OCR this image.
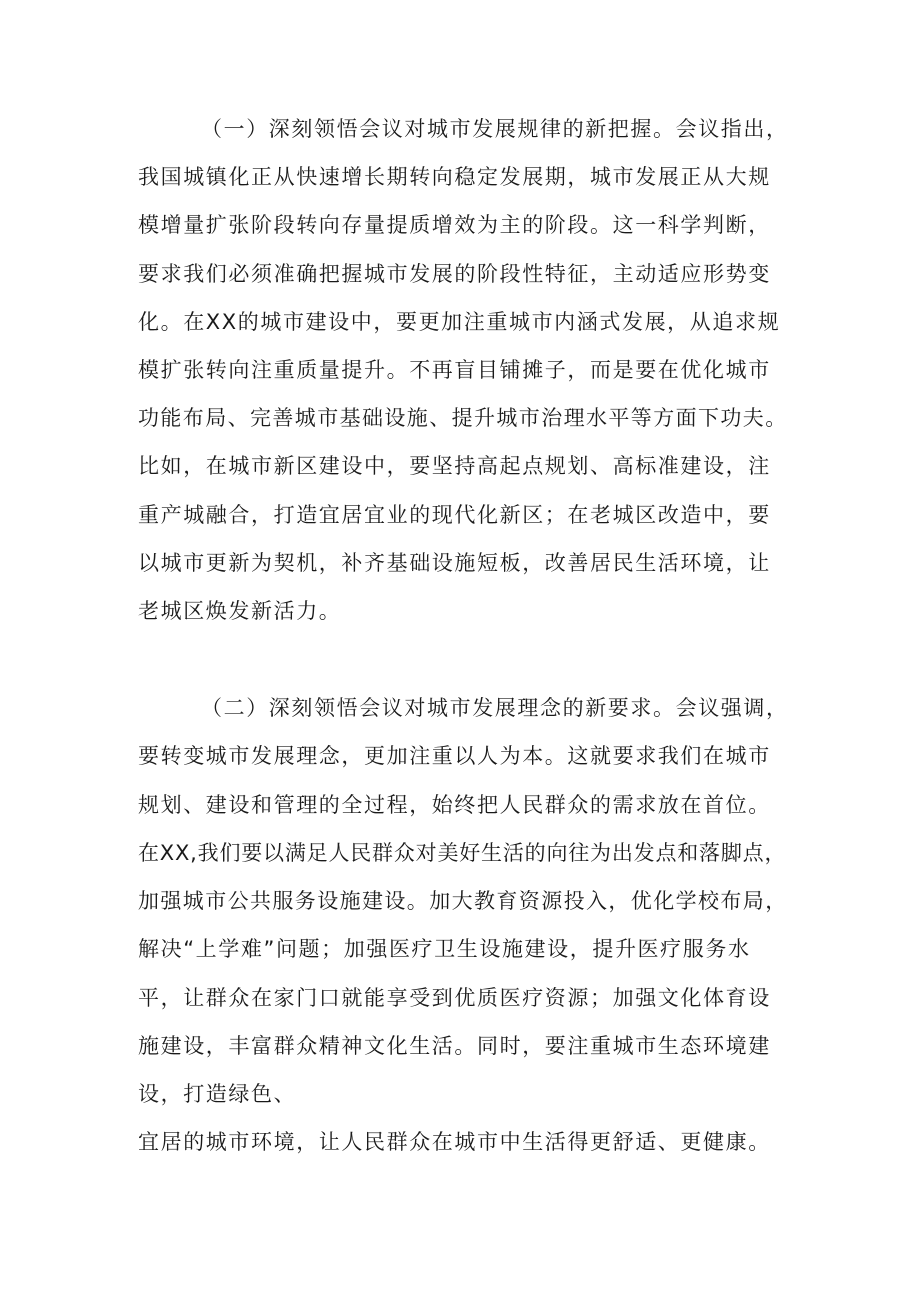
（一）深刻领悟会议对城市发展规律的新把握。会议指出，
我国城镇化正从快速增长期转向稳定发展期，城市发展正从大规
模增量扩张阶段转向存量提质增效为主的阶段。这一科学判断，
要求我们必须准确把握城市发展的阶段性特征，主动适应形势变
化。在XX的城市建设中，要更加注重城市内涵式发展，从追求规
模扩张转向注重质量提升。不再盲目铺摊子，而是要在优化城市
功能布局、完善城市基础设施、提升城市治理水平等方面下功夫。
比如，在城市新区建设中，要坚持高起点规划、高标准建设，注
重产城融合，打造宜居宜业的现代化新区；在老城区改造中，要
以城市更新为契机，补齐基础设施短板，改善居民生活环境，让
老城区焕发新活力。
（二）深刻领悟会议对城市发展理念的新要求。会议强调，
要转变城市发展理念，更加注重以人为本。这就要求我们在城市
规划、建设和管理的全过程，始终把人民群众的需求放在首位。
在XX,我们要以满足人民群众对美好生活的向往为出发点和落脚点，
加强城市公共服务设施建设。加大教育资源投入，优化学校布局，
解决“上学难”问题；加强医疗卫生设施建设，提升医疗服务水
平，让群众在家门口就能享受到优质医疗资源；加强文化体育设
施建设，丰富群众精神文化生活。同时，要注重城市生态环境建
设，打造绿色、
宜居的城市环境，让人民群众在城市中生活得更舒适、更健康。
